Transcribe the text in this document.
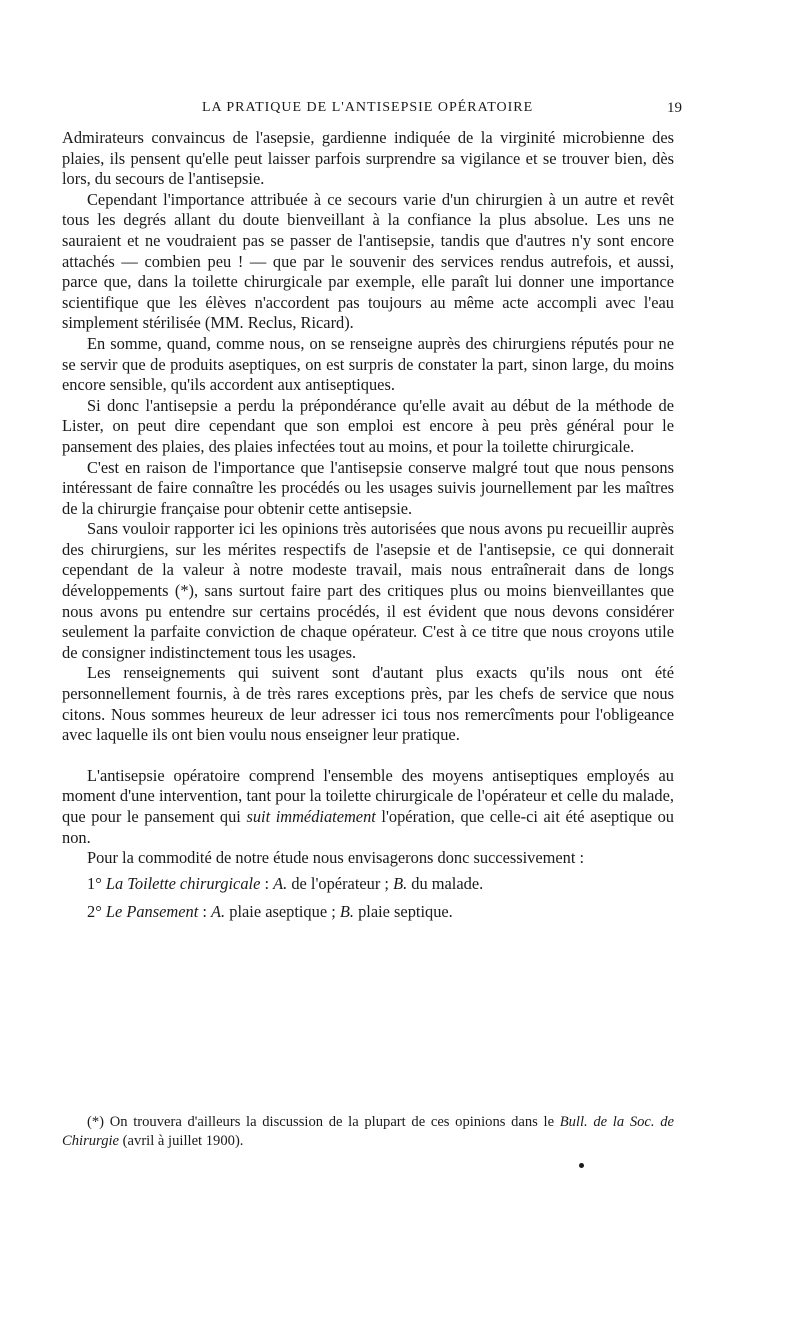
LA PRATIQUE DE L'ANTISEPSIE OPÉRATOIRE	19

Admirateurs convaincus de l'asepsie, gardienne indiquée de la virginité microbienne des plaies, ils pensent qu'elle peut laisser parfois surprendre sa vigilance et se trouver bien, dès lors, du secours de l'antisepsie.

Cependant l'importance attribuée à ce secours varie d'un chirurgien à un autre et revêt tous les degrés allant du doute bienveillant à la confiance la plus absolue. Les uns ne sauraient et ne voudraient pas se passer de l'antisepsie, tandis que d'autres n'y sont encore attachés — combien peu ! — que par le souvenir des services rendus autrefois, et aussi, parce que, dans la toilette chirurgicale par exemple, elle paraît lui donner une importance scientifique que les élèves n'accordent pas toujours au même acte accompli avec l'eau simplement stérilisée (MM. Reclus, Ricard).

En somme, quand, comme nous, on se renseigne auprès des chirurgiens réputés pour ne se servir que de produits aseptiques, on est surpris de constater la part, sinon large, du moins encore sensible, qu'ils accordent aux antiseptiques.

Si donc l'antisepsie a perdu la prépondérance qu'elle avait au début de la méthode de Lister, on peut dire cependant que son emploi est encore à peu près général pour le pansement des plaies, des plaies infectées tout au moins, et pour la toilette chirurgicale.

C'est en raison de l'importance que l'antisepsie conserve malgré tout que nous pensons intéressant de faire connaître les procédés ou les usages suivis journellement par les maîtres de la chirurgie française pour obtenir cette antisepsie.

Sans vouloir rapporter ici les opinions très autorisées que nous avons pu recueillir auprès des chirurgiens, sur les mérites respectifs de l'asepsie et de l'antisepsie, ce qui donnerait cependant de la valeur à notre modeste travail, mais nous entraînerait dans de longs développements (*), sans surtout faire part des critiques plus ou moins bienveillantes que nous avons pu entendre sur certains procédés, il est évident que nous devons considérer seulement la parfaite conviction de chaque opérateur. C'est à ce titre que nous croyons utile de consigner indistinctement tous les usages.

Les renseignements qui suivent sont d'autant plus exacts qu'ils nous ont été personnellement fournis, à de très rares exceptions près, par les chefs de service que nous citons. Nous sommes heureux de leur adresser ici tous nos remercîments pour l'obligeance avec laquelle ils ont bien voulu nous enseigner leur pratique.

L'antisepsie opératoire comprend l'ensemble des moyens antiseptiques employés au moment d'une intervention, tant pour la toilette chirurgicale de l'opérateur et celle du malade, que pour le pansement qui suit immédiatement l'opération, que celle-ci ait été aseptique ou non.

Pour la commodité de notre étude nous envisagerons donc successivement :

1° La Toilette chirurgicale : A. de l'opérateur ; B. du malade.

2° Le Pansement : A. plaie aseptique ; B. plaie septique.

(*) On trouvera d'ailleurs la discussion de la plupart de ces opinions dans le Bull. de la Soc. de Chirurgie (avril à juillet 1900).
